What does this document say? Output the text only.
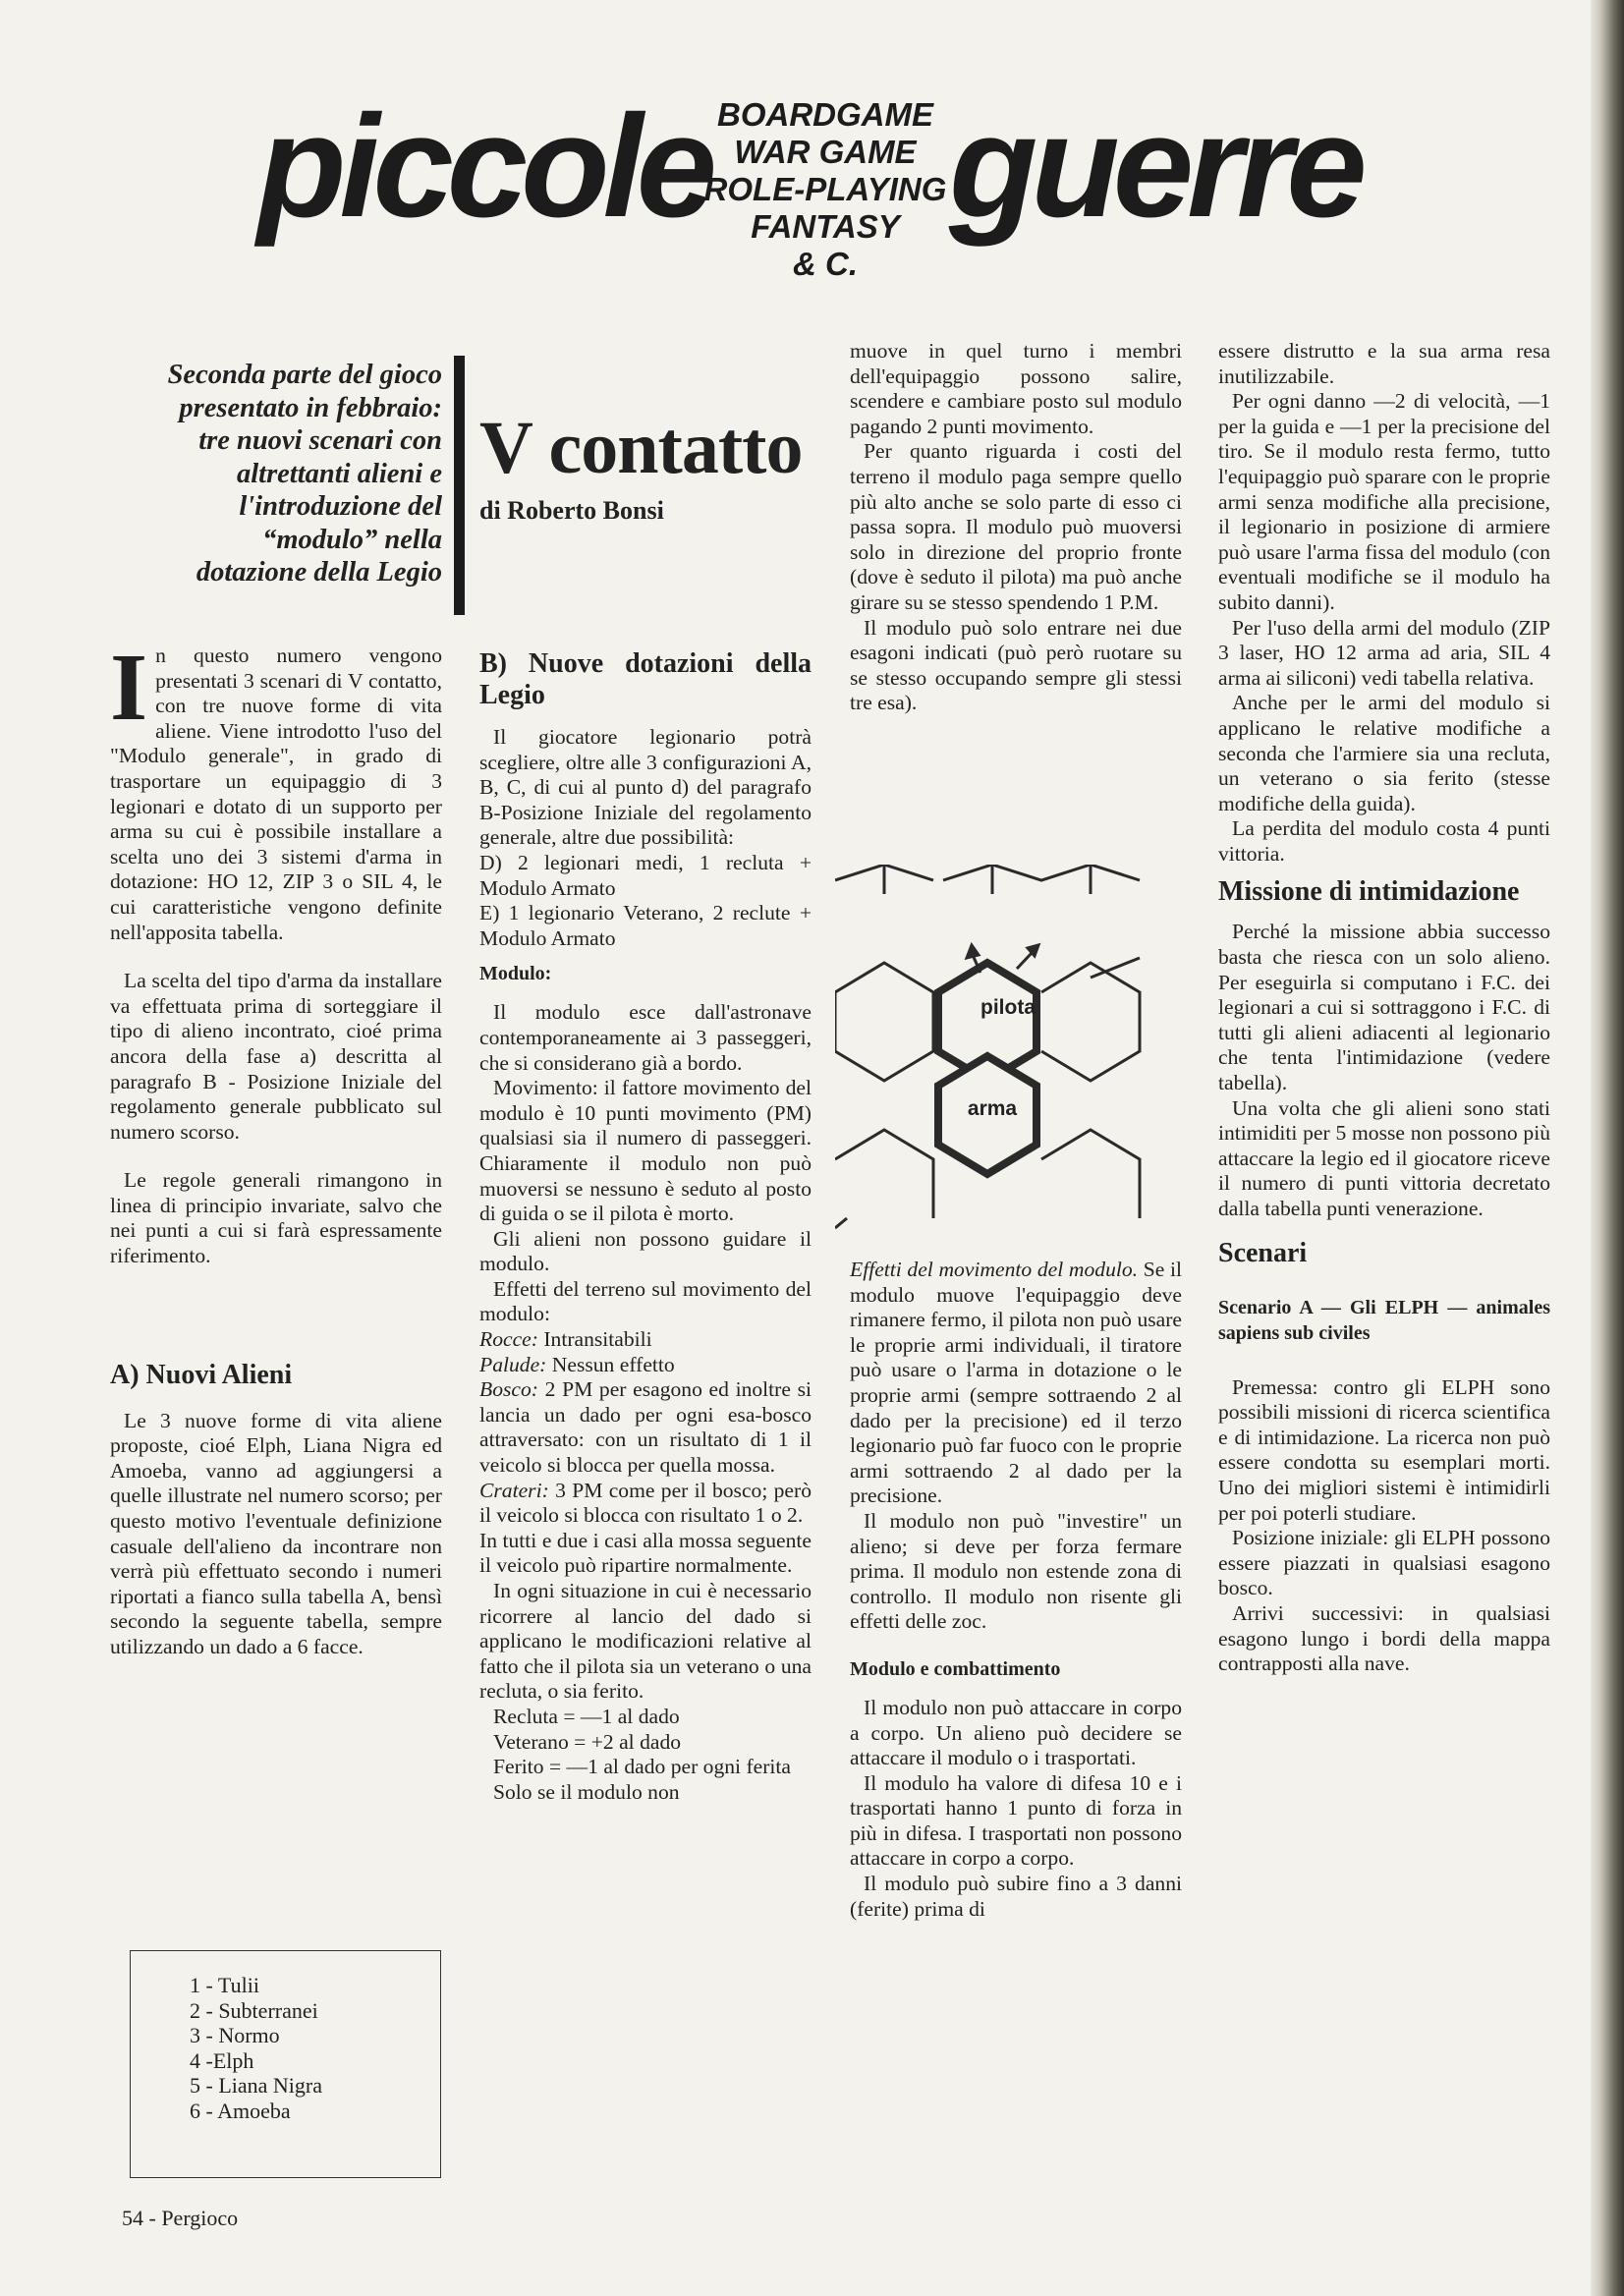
piccole guerre
BOARDGAME
WAR GAME
ROLE-PLAYING
FANTASY
& C.
Seconda parte del gioco presentato in febbraio: tre nuovi scenari con altrettanti alieni e l'introduzione del “modulo” nella dotazione della Legio
V contatto
di Roberto Bonsi

In questo numero vengono presentati 3 scenari di V contatto, con tre nuove forme di vita aliene. Viene introdotto l'uso del "Modulo generale", in grado di trasportare un equipaggio di 3 legionari e dotato di un supporto per arma su cui è possibile installare a scelta uno dei 3 sistemi d'arma in dotazione: HO 12, ZIP 3 o SIL 4, le cui caratteristiche vengono definite nell'apposita tabella.

La scelta del tipo d'arma da installare va effettuata prima di sorteggiare il tipo di alieno incontrato, cioé prima ancora della fase a) descritta al paragrafo B - Posizione Iniziale del regolamento generale pubblicato sul numero scorso.

Le regole generali rimangono in linea di principio invariate, salvo che nei punti a cui si farà espressamente riferimento.

A) Nuovi Alieni

Le 3 nuove forme di vita aliene proposte, cioé Elph, Liana Nigra ed Amoeba, vanno ad aggiungersi a quelle illustrate nel numero scorso; per questo motivo l'eventuale definizione casuale dell'alieno da incontrare non verrà più effettuato secondo i numeri riportati a fianco sulla tabella A, bensì secondo la seguente tabella, sempre utilizzando un dado a 6 facce.

1 - Tulii
2 - Subterranei
3 - Normo
4 -Elph
5 - Liana Nigra
6 - Amoeba
B) Nuove dotazioni della Legio

Il giocatore legionario potrà scegliere, oltre alle 3 configurazioni A, B, C, di cui al punto d) del paragrafo B-Posizione Iniziale del regolamento generale, altre due possibilità:

D) 2 legionari medi, 1 recluta + Modulo Armato

E) 1 legionario Veterano, 2 reclute + Modulo Armato

Modulo:

Il modulo esce dall'astronave contemporaneamente ai 3 passeggeri, che si considerano già a bordo.

Movimento: il fattore movimento del modulo è 10 punti movimento (PM) qualsiasi sia il numero di passeggeri. Chiaramente il modulo non può muoversi se nessuno è seduto al posto di guida o se il pilota è morto.

Gli alieni non possono guidare il modulo.

Effetti del terreno sul movimento del modulo:

Rocce: Intransitabili

Palude: Nessun effetto

Bosco: 2 PM per esagono ed inoltre si lancia un dado per ogni esa-bosco attraversato: con un risultato di 1 il veicolo si blocca per quella mossa.

Crateri: 3 PM come per il bosco; però il veicolo si blocca con risultato 1 o 2.

In tutti e due i casi alla mossa seguente il veicolo può ripartire normalmente.

In ogni situazione in cui è necessario ricorrere al lancio del dado si applicano le modificazioni relative al fatto che il pilota sia un veterano o una recluta, o sia ferito.

Recluta = —1 al dado

Veterano = +2 al dado

Ferito = —1 al dado per ogni ferita

Solo se il modulo non

muove in quel turno i membri dell'equipaggio possono salire, scendere e cambiare posto sul modulo pagando 2 punti movimento.

Per quanto riguarda i costi del terreno il modulo paga sempre quello più alto anche se solo parte di esso ci passa sopra. Il modulo può muoversi solo in direzione del proprio fronte (dove è seduto il pilota) ma può anche girare su se stesso spendendo 1 P.M.

Il modulo può solo entrare nei due esagoni indicati (può però ruotare su se stesso occupando sempre gli stessi tre esa).

pilota
arma

Effetti del movimento del modulo. Se il modulo muove l'equipaggio deve rimanere fermo, il pilota non può usare le proprie armi individuali, il tiratore può usare o l'arma in dotazione o le proprie armi (sempre sottraendo 2 al dado per la precisione) ed il terzo legionario può far fuoco con le proprie armi sottraendo 2 al dado per la precisione.

Il modulo non può "investire" un alieno; si deve per forza fermare prima. Il modulo non estende zona di controllo. Il modulo non risente gli effetti delle zoc.

Modulo e combattimento

Il modulo non può attaccare in corpo a corpo. Un alieno può decidere se attaccare il modulo o i trasportati.

Il modulo ha valore di difesa 10 e i trasportati hanno 1 punto di forza in più in difesa. I trasportati non possono attaccare in corpo a corpo.

Il modulo può subire fino a 3 danni (ferite) prima di

essere distrutto e la sua arma resa inutilizzabile.

Per ogni danno —2 di velocità, —1 per la guida e —1 per la precisione del tiro. Se il modulo resta fermo, tutto l'equipaggio può sparare con le proprie armi senza modifiche alla precisione, il legionario in posizione di armiere può usare l'arma fissa del modulo (con eventuali modifiche se il modulo ha subito danni).

Per l'uso della armi del modulo (ZIP 3 laser, HO 12 arma ad aria, SIL 4 arma ai siliconi) vedi tabella relativa.

Anche per le armi del modulo si applicano le relative modifiche a seconda che l'armiere sia una recluta, un veterano o sia ferito (stesse modifiche della guida).

La perdita del modulo costa 4 punti vittoria.

Missione di intimidazione

Perché la missione abbia successo basta che riesca con un solo alieno. Per eseguirla si computano i F.C. dei legionari a cui si sottraggono i F.C. di tutti gli alieni adiacenti al legionario che tenta l'intimidazione (vedere tabella).

Una volta che gli alieni sono stati intimiditi per 5 mosse non possono più attaccare la legio ed il giocatore riceve il numero di punti vittoria decretato dalla tabella punti venerazione.

Scenari
Scenario A — Gli ELPH — animales sapiens sub civiles

Premessa: contro gli ELPH sono possibili missioni di ricerca scientifica e di intimidazione. La ricerca non può essere condotta su esemplari morti. Uno dei migliori sistemi è intimidirli per poi poterli studiare.

Posizione iniziale: gli ELPH possono essere piazzati in qualsiasi esagono bosco.

Arrivi successivi: in qualsiasi esagono lungo i bordi della mappa contrapposti alla nave.

54 - Pergioco
